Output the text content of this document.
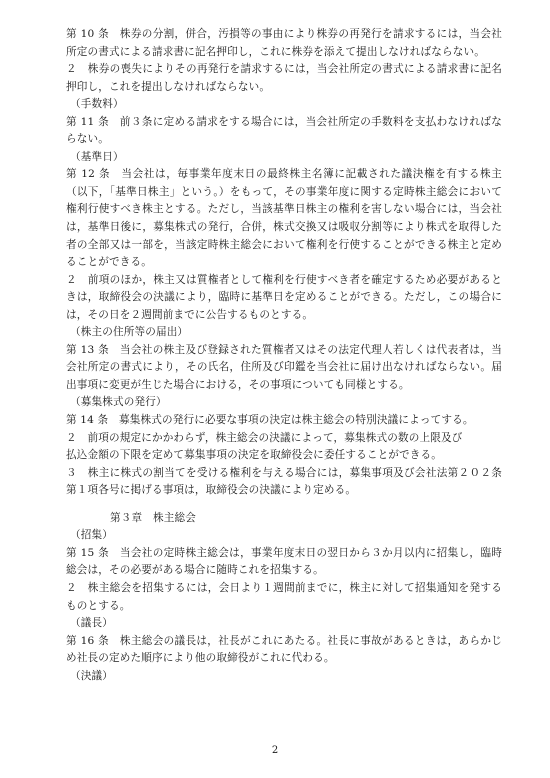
第 10 条　株券の分割，併合，汚損等の事由により株券の再発行を請求するには，当会社所定の書式による請求書に記名押印し，これに株券を添えて提出しなければならない。

２　株券の喪失によりその再発行を請求するには，当会社所定の書式による請求書に記名押印し，これを提出しなければならない。

（手数料）

第 11 条　前３条に定める請求をする場合には，当会社所定の手数料を支払わなければならない。

（基準日）

第 12 条　当会社は，毎事業年度末日の最終株主名簿に記載された議決権を有する株主（以下，「基準日株主」という。）をもって，その事業年度に関する定時株主総会において権利行使すべき株主とする。ただし，当該基準日株主の権利を害しない場合には，当会社は，基準日後に，募集株式の発行，合併，株式交換又は吸収分割等により株式を取得した者の全部又は一部を，当該定時株主総会において権利を行使することができる株主と定めることができる。

２　前項のほか，株主又は質権者として権利を行使すべき者を確定するため必要があるときは，取締役会の決議により，臨時に基準日を定めることができる。ただし，この場合には，その日を２週間前までに公告するものとする。

（株主の住所等の届出）

第 13 条　当会社の株主及び登録された質権者又はその法定代理人若しくは代表者は，当会社所定の書式により，その氏名，住所及び印鑑を当会社に届け出なければならない。届出事項に変更が生じた場合における，その事項についても同様とする。

（募集株式の発行）

第 14 条　募集株式の発行に必要な事項の決定は株主総会の特別決議によってする。

２　前項の規定にかかわらず，株主総会の決議によって，募集株式の数の上限及び

払込金額の下限を定めて募集事項の決定を取締役会に委任することができる。

３　株主に株式の割当てを受ける権利を与える場合には，募集事項及び会社法第２０２条第１項各号に掲げる事項は，取締役会の決議により定める。

第３章　株主総会

（招集）

第 15 条　当会社の定時株主総会は，事業年度末日の翌日から３か月以内に招集し，臨時総会は，その必要がある場合に随時これを招集する。

２　株主総会を招集するには，会日より１週間前までに，株主に対して招集通知を発するものとする。

（議長）

第 16 条　株主総会の議長は，社長がこれにあたる。社長に事故があるときは，あらかじめ社長の定めた順序により他の取締役がこれに代わる。

（決議）

2
